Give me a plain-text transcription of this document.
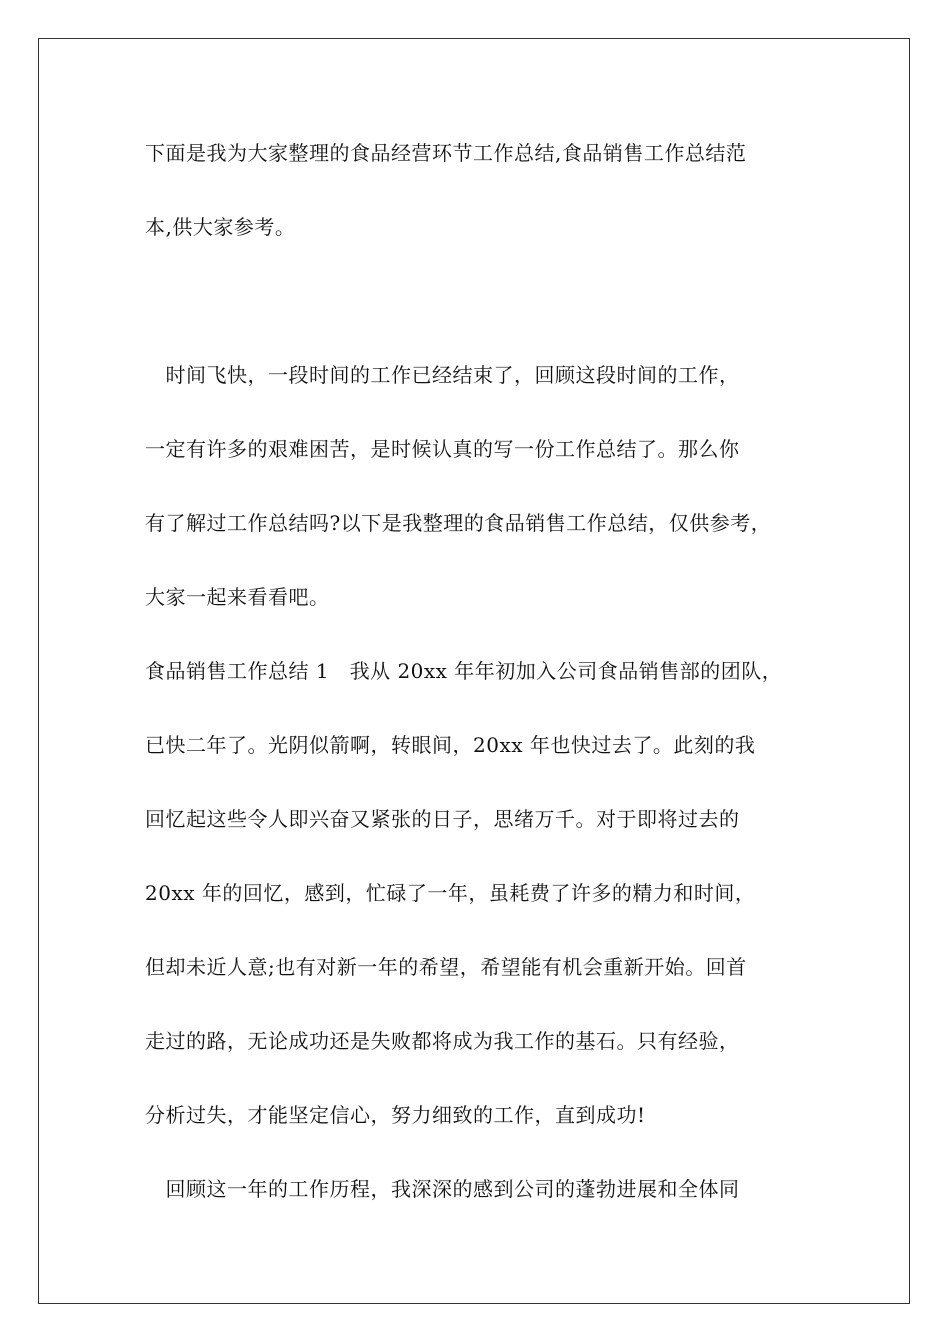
下面是我为大家整理的食品经营环节工作总结,食品销售工作总结范
本,供大家参考。
　时间飞快，一段时间的工作已经结束了，回顾这段时间的工作，
一定有许多的艰难困苦，是时候认真的写一份工作总结了。那么你
有了解过工作总结吗?以下是我整理的食品销售工作总结，仅供参考，
大家一起来看看吧。
食品销售工作总结 1　我从 20xx 年年初加入公司食品销售部的团队，
已快二年了。光阴似箭啊，转眼间，20xx 年也快过去了。此刻的我
回忆起这些令人即兴奋又紧张的日子，思绪万千。对于即将过去的
20xx 年的回忆，感到，忙碌了一年，虽耗费了许多的精力和时间，
但却未近人意;也有对新一年的希望，希望能有机会重新开始。回首
走过的路，无论成功还是失败都将成为我工作的基石。只有经验，
分析过失，才能坚定信心，努力细致的工作，直到成功!
　回顾这一年的工作历程，我深深的感到公司的蓬勃进展和全体同
